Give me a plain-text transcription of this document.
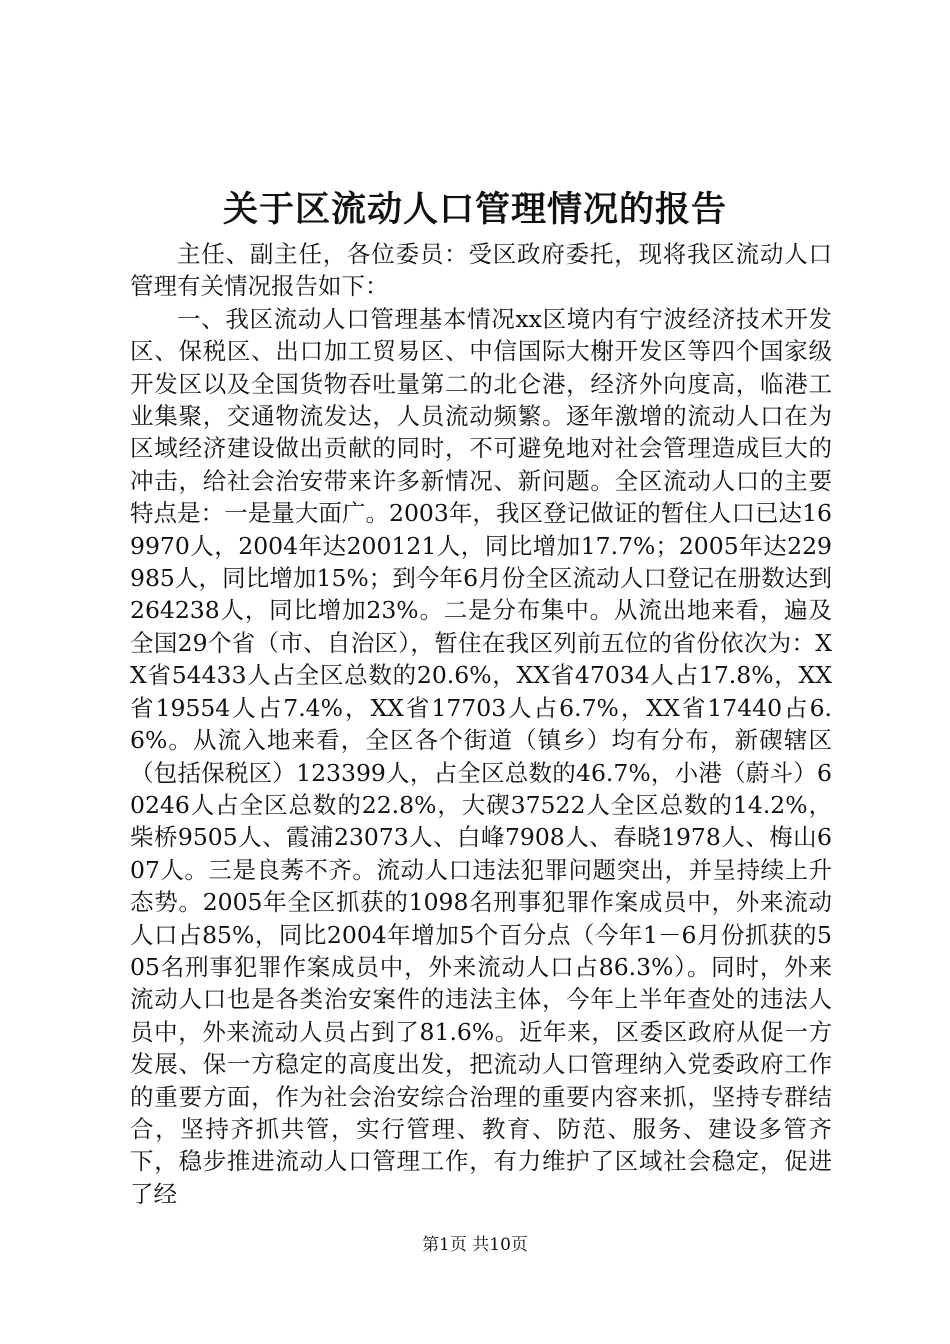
关于区流动人口管理情况的报告

主任、副主任，各位委员：受区政府委托，现将我区流动人口管理有关情况报告如下：

一、我区流动人口管理基本情况xx区境内有宁波经济技术开发区、保税区、出口加工贸易区、中信国际大榭开发区等四个国家级开发区以及全国货物吞吐量第二的北仑港，经济外向度高，临港工业集聚，交通物流发达，人员流动频繁。逐年激增的流动人口在为区域经济建设做出贡献的同时，不可避免地对社会管理造成巨大的冲击，给社会治安带来许多新情况、新问题。全区流动人口的主要特点是：一是量大面广。2003年，我区登记做证的暂住人口已达169970人，2004年达200121人，同比增加17.7%；2005年达229985人，同比增加15%；到今年6月份全区流动人口登记在册数达到264238人，同比增加23%。二是分布集中。从流出地来看，遍及全国29个省（市、自治区），暂住在我区列前五位的省份依次为：XX省54433人占全区总数的20.6%，XX省47034人占17.8%，XX省19554人占7.4%，XX省17703人占6.7%，XX省17440占6.6%。从流入地来看，全区各个街道（镇乡）均有分布，新碶辖区（包括保税区）123399人，占全区总数的46.7%，小港（蔚斗）60246人占全区总数的22.8%，大碶37522人全区总数的14.2%，柴桥9505人、霞浦23073人、白峰7908人、春晓1978人、梅山607人。三是良莠不齐。流动人口违法犯罪问题突出，并呈持续上升态势。2005年全区抓获的1098名刑事犯罪作案成员中，外来流动人口占85%，同比2004年增加5个百分点（今年1－6月份抓获的505名刑事犯罪作案成员中，外来流动人口占86.3%）。同时，外来流动人口也是各类治安案件的违法主体，今年上半年查处的违法人员中，外来流动人员占到了81.6%。近年来，区委区政府从促一方发展、保一方稳定的高度出发，把流动人口管理纳入党委政府工作的重要方面，作为社会治安综合治理的重要内容来抓，坚持专群结合，坚持齐抓共管，实行管理、教育、防范、服务、建设多管齐下，稳步推进流动人口管理工作，有力维护了区域社会稳定，促进了经

第1页 共10页
